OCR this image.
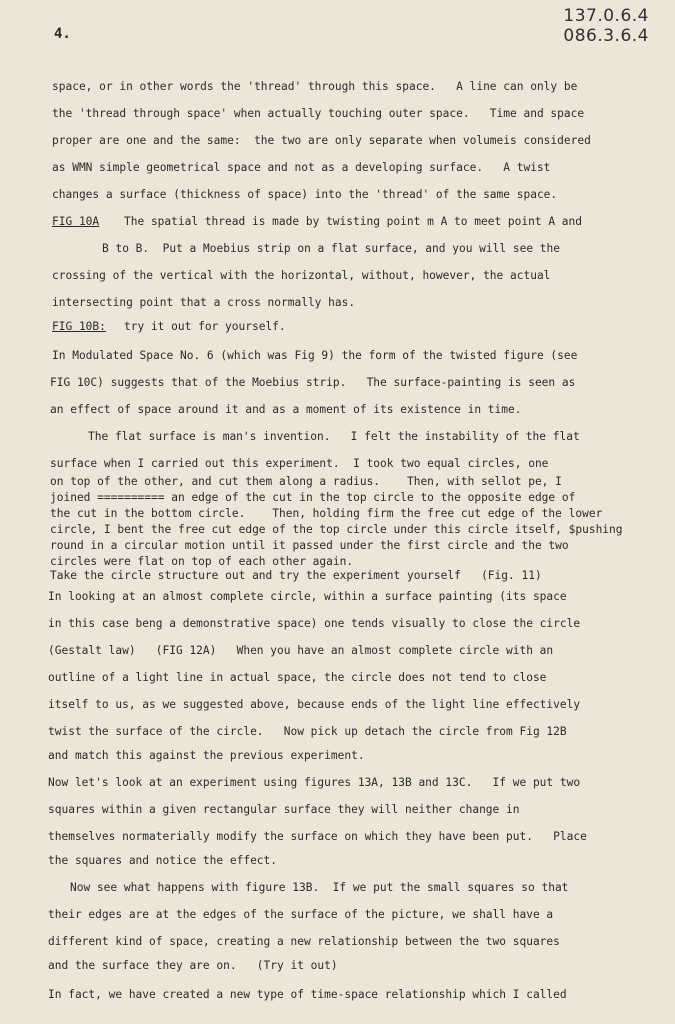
4.
137.0.6.4
086.3.6.4
space, or in other words the 'thread' through this space.   A line can only be
the 'thread through space' when actually touching outer space.   Time and space
proper are one and the same:  the two are only separate when volumeis considered
as WMN simple geometrical space and not as a developing surface.   A twist
changes a surface (thickness of space) into the 'thread' of the same space.
FIG 10A The spatial thread is made by twisting point m A to meet point A and
B to B.  Put a Moebius strip on a flat surface, and you will see the
crossing of the vertical with the horizontal, without, however, the actual
intersecting point that a cross normally has.
FIG 10B: try it out for yourself.
In Modulated Space No. 6 (which was Fig 9) the form of the twisted figure (see
FIG 10C) suggests that of the Moebius strip.   The surface-painting is seen as
an effect of space around it and as a moment of its existence in time.
The flat surface is man's invention.   I felt the instability of the flat
surface when I carried out this experiment.  I took two equal circles, one
on top of the other, and cut them along a radius.    Then, with sellot pe, I
joined ========== an edge of the cut in the top circle to the opposite edge of
the cut in the bottom circle.    Then, holding firm the free cut edge of the lower
circle, I bent the free cut edge of the top circle under this circle itself, $pushing
round in a circular motion until it passed under the first circle and the two
circles were flat on top of each other again.
Take the circle structure out and try the experiment yourself   (Fig. 11)
In looking at an almost complete circle, within a surface painting (its space
in this case beng a demonstrative space) one tends visually to close the circle
(Gestalt law)   (FIG 12A)   When you have an almost complete circle with an
outline of a light line in actual space, the circle does not tend to close
itself to us, as we suggested above, because ends of the light line effectively
twist the surface of the circle.   Now pick up detach the circle from Fig 12B
and match this against the previous experiment.
Now let's look at an experiment using figures 13A, 13B and 13C.   If we put two
squares within a given rectangular surface they will neither change in
themselves normaterially modify the surface on which they have been put.   Place
the squares and notice the effect.
Now see what happens with figure 13B.  If we put the small squares so that
their edges are at the edges of the surface of the picture, we shall have a
different kind of space, creating a new relationship between the two squares
and the surface they are on.   (Try it out)
In fact, we have created a new type of time-space relationship which I called
